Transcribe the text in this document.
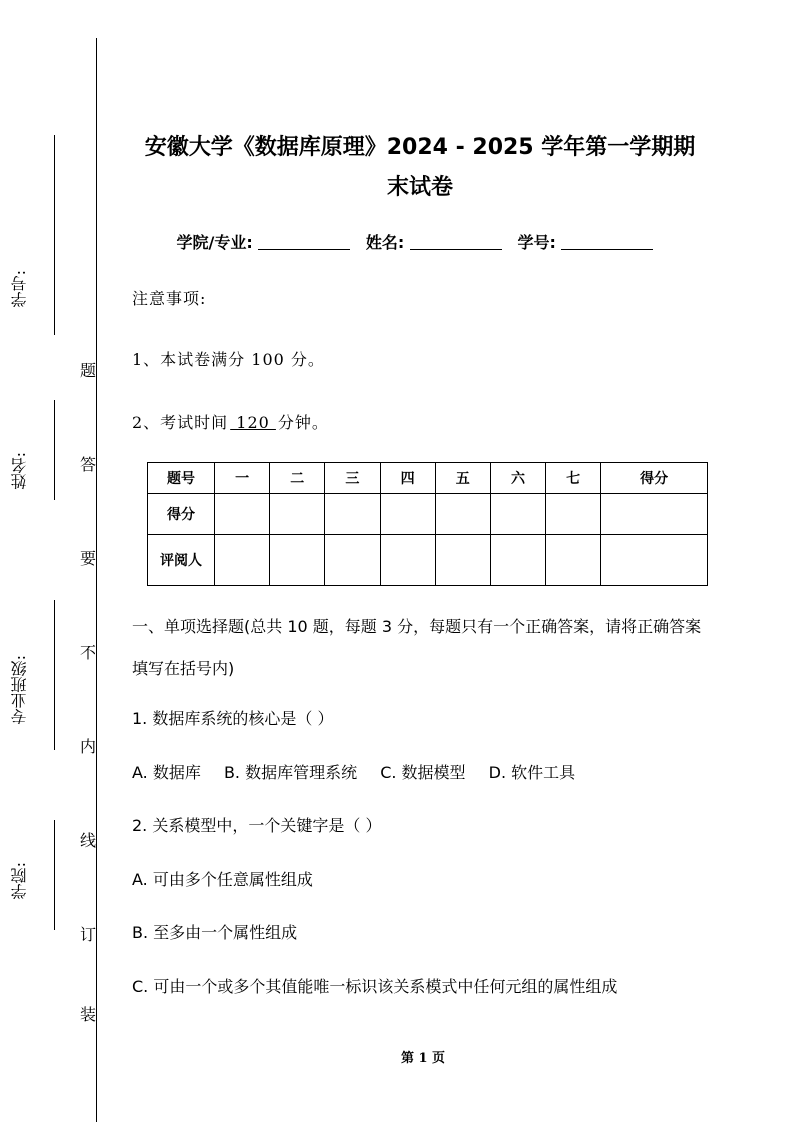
学号:
姓名:
专业班级:
学院:
题
答
要
不
内
线
订
装
安徽大学《数据库原理》2024 - 2025 学年第一学期期
末试卷
学院/专业:	姓名:	学号:
注意事项:
1、本试卷满分 100 分。
2、考试时间 120 分钟。
题号	一	二	三	四	五	六	七	得分
得分								
评阅人								
一、单项选择题(总共 10 题，每题 3 分，每题只有一个正确答案，请将正确答案填写在括号内)
1. 数据库系统的核心是（ ）
A. 数据库 B. 数据库管理系统 C. 数据模型 D. 软件工具
2. 关系模型中，一个关键字是（ ）
A. 可由多个任意属性组成
B. 至多由一个属性组成
C. 可由一个或多个其值能唯一标识该关系模式中任何元组的属性组成
第 1 页
